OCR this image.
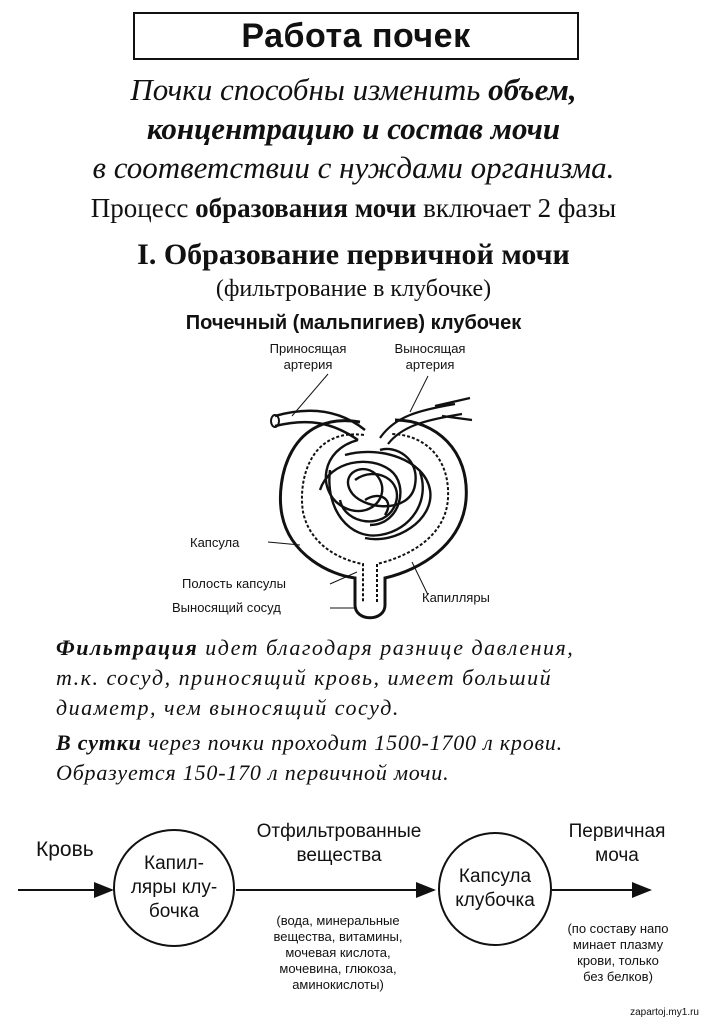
Работа почек
Почки способны изменить объем,
концентрацию и состав мочи
в соответствии с нуждами организма.
Процесс образования мочи включает 2 фазы
I. Образование первичной мочи
(фильтрование в клубочке)
Почечный (мальпигиев) клубочек
Приносящая
артерия
Выносящая
артерия
Капсула
Полость капсулы
Выносящий сосуд
Капилляры
Фильтрация идет благодаря разнице давления,
т.к. сосуд, приносящий кровь, имеет больший
диаметр, чем выносящий сосуд.
В сутки через почки проходит 1500-1700 л крови.
Образуется 150-170 л первичной мочи.
Кровь
Капил-
ляры клу-
бочка
Отфильтрованные
вещества
(вода, минеральные
вещества, витамины,
мочевая кислота,
мочевина, глюкоза,
аминокислоты)
Капсула
клубочка
Первичная
моча
(по составу напо
минает плазму
крови, только
без белков)
zapartoj.my1.ru
